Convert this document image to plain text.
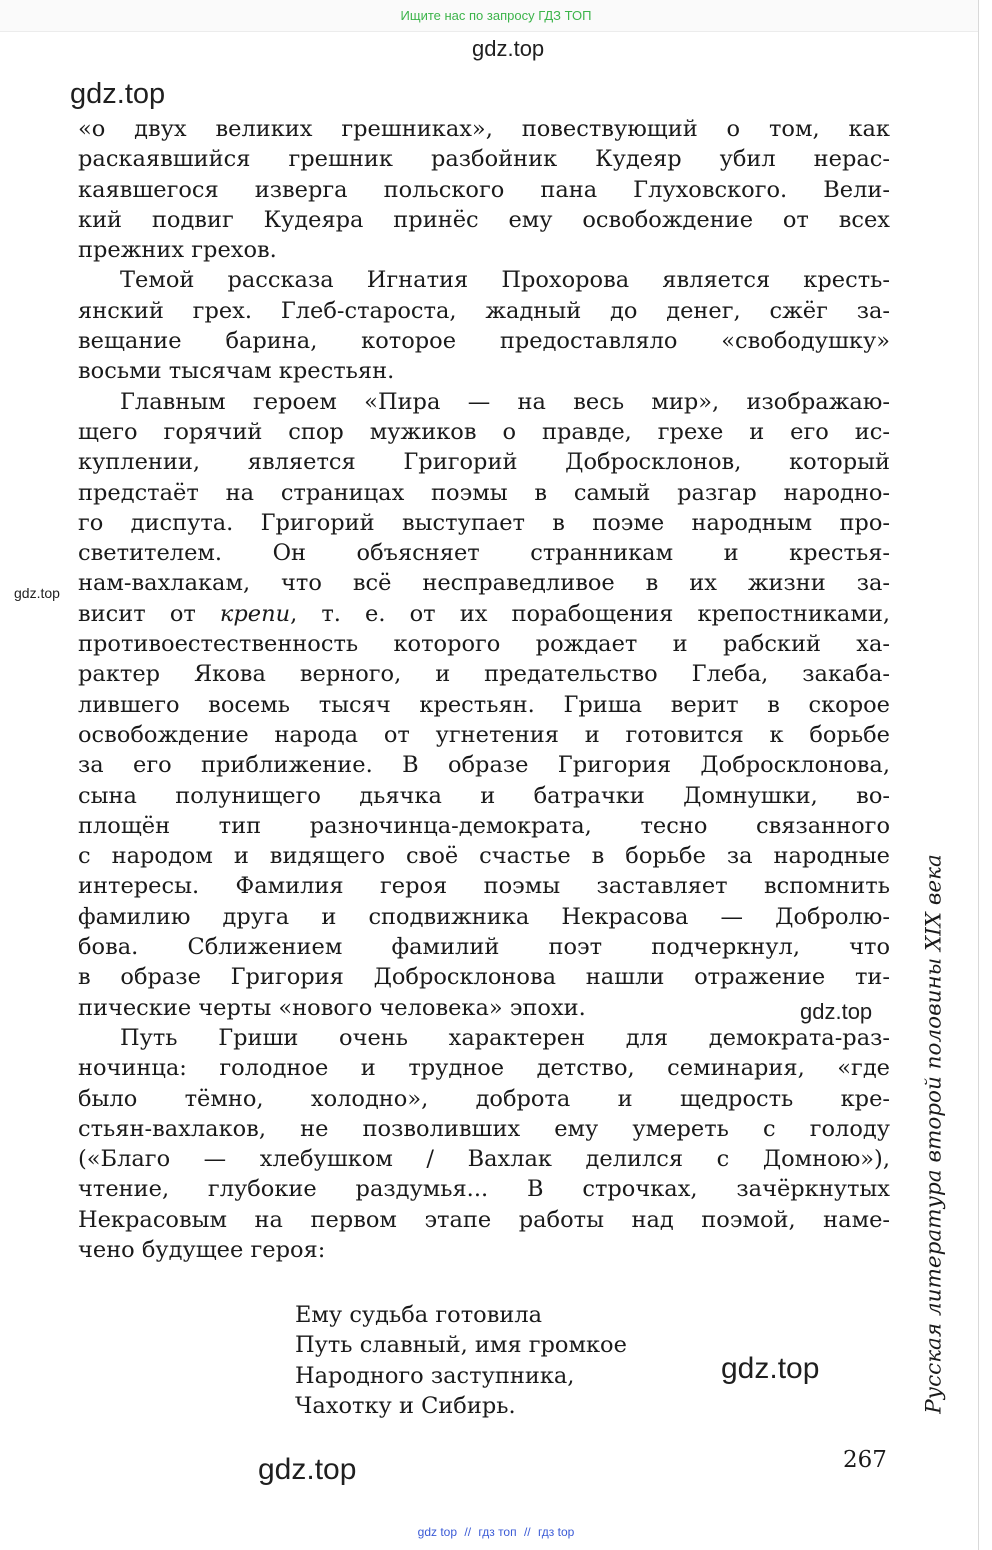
Ищите нас по запросу ГДЗ ТОП
gdz.top
gdz.top
gdz.top
gdz.top
gdz.top
gdz.top
«о двух великих грешниках», повествующий о том, как
раскаявшийся грешник разбойник Кудеяр убил нерас-
каявшегося изверга польского пана Глуховского. Вели-
кий подвиг Кудеяра принёс ему освобождение от всех
прежних грехов.
Темой рассказа Игнатия Прохорова является кресть-
янский грех. Глеб-староста, жадный до денег, сжёг за-
вещание барина, которое предоставляло «свободушку»
восьми тысячам крестьян.
Главным героем «Пира — на весь мир», изображаю-
щего горячий спор мужиков о правде, грехе и его ис-
куплении, является Григорий Добросклонов, который
предстаёт на страницах поэмы в самый разгар народно-
го диспута. Григорий выступает в поэме народным про-
светителем. Он объясняет странникам и крестья-
нам-вахлакам, что всё несправедливое в их жизни за-
висит от крепи, т. е. от их порабощения крепостниками,
противоестественность которого рождает и рабский ха-
рактер Якова верного, и предательство Глеба, закаба-
лившего восемь тысяч крестьян. Гриша верит в скорое
освобождение народа от угнетения и готовится к борьбе
за его приближение. В образе Григория Добросклонова,
сына полунищего дьячка и батрачки Домнушки, во-
площён тип разночинца-демократа, тесно связанного
с народом и видящего своё счастье в борьбе за народные
интересы. Фамилия героя поэмы заставляет вспомнить
фамилию друга и сподвижника Некрасова — Добролю-
бова. Сближением фамилий поэт подчеркнул, что
в образе Григория Добросклонова нашли отражение ти-
пические черты «нового человека» эпохи.
Путь Гриши очень характерен для демократа-раз-
ночинца: голодное и трудное детство, семинария, «где
было тёмно, холодно», доброта и щедрость кре-
стьян-вахлаков, не позволивших ему умереть с голоду
(«Благо — хлебушком / Вахлак делился с Домною»),
чтение, глубокие раздумья... В строчках, зачёркнутых
Некрасовым на первом этапе работы над поэмой, наме-
чено будущее героя:
Ему судьба готовила
Путь славный, имя громкое
Народного заступника,
Чахотку и Сибирь.	Русская литература второй половины XIX века
267
gdz top // гдз топ // гдз top
